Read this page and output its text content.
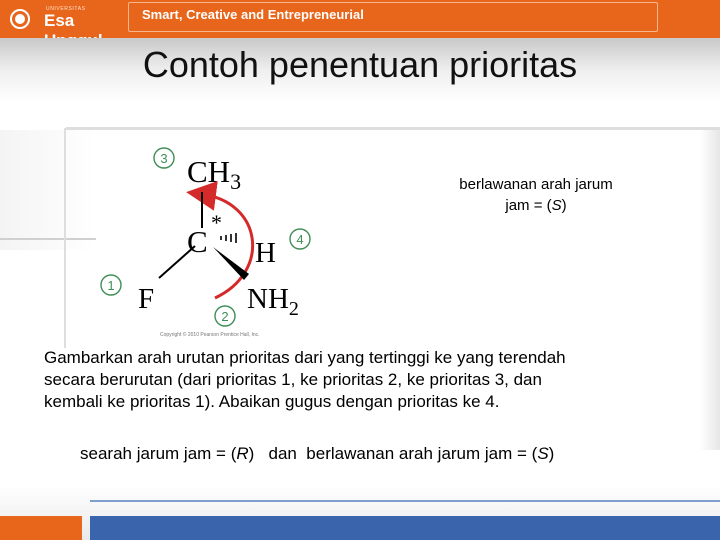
UNIVERSITAS
Esa	Smart, Creative and Entrepreneurial
Contoh penentuan prioritas
$CH_3$
C
*
H
F	$NH_2$
3
4
1
2
Copyright © 2010 Pearson Prentice Hall, Inc.
berlawanan arah jarum
jam = (S)
Gambarkan arah urutan prioritas dari yang tertinggi ke yang terendah
secara berurutan (dari prioritas 1, ke prioritas 2, ke prioritas 3, dan
kembali ke prioritas 1). Abaikan gugus dengan prioritas ke 4.
searah jarum jam = (R)   dan  berlawanan arah jarum jam = (S)
